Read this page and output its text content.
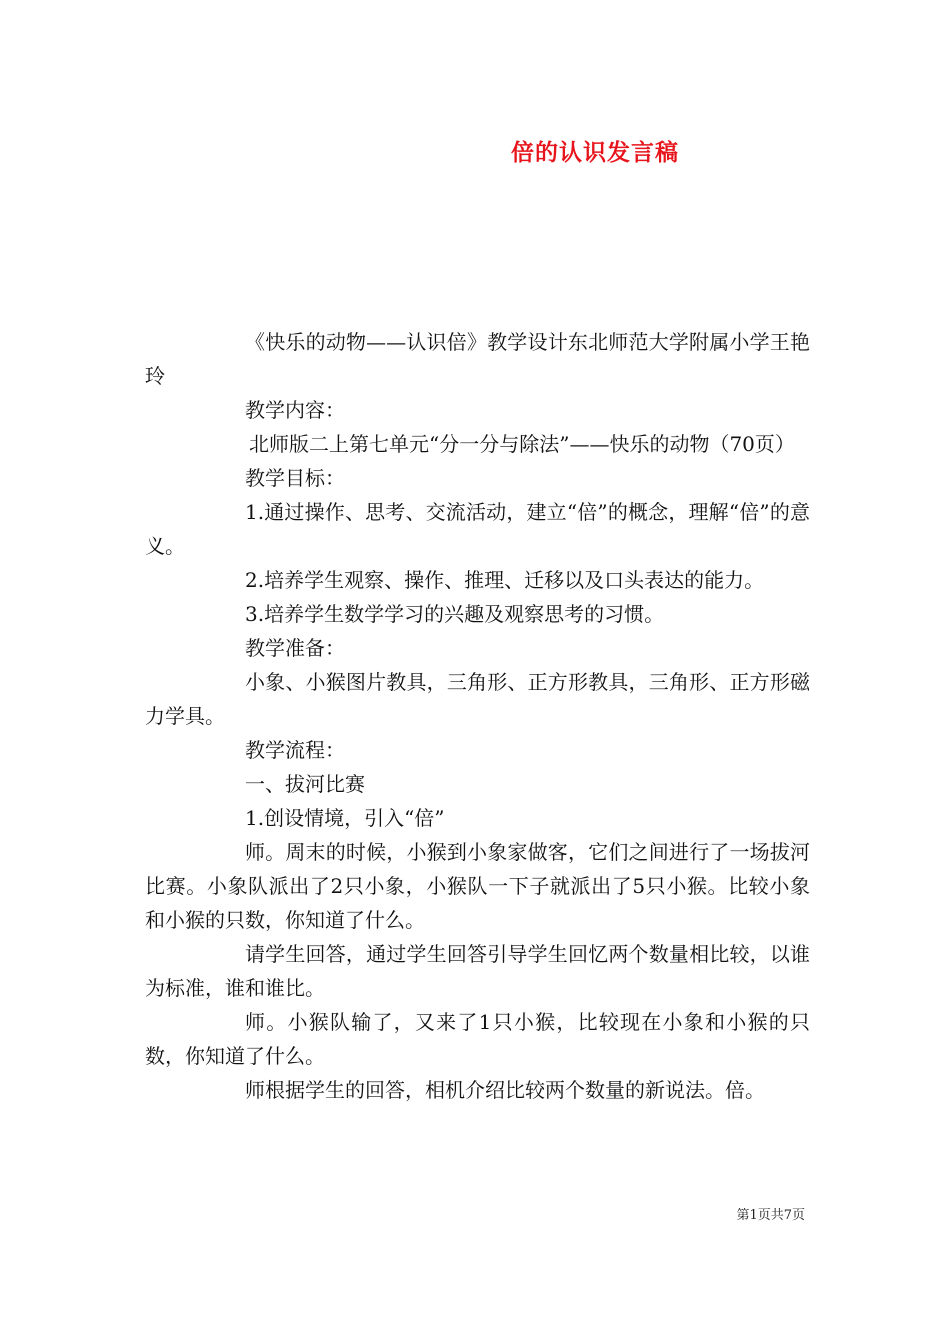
倍的认识发言稿

《快乐的动物——认识倍》教学设计东北师范大学附属小学王艳玲

教学内容：

北师版二上第七单元“分一分与除法”——快乐的动物（70页）

教学目标：

1.通过操作、思考、交流活动，建立“倍”的概念，理解“倍”的意义。

2.培养学生观察、操作、推理、迁移以及口头表达的能力。

3.培养学生数学学习的兴趣及观察思考的习惯。

教学准备：

小象、小猴图片教具，三角形、正方形教具，三角形、正方形磁力学具。

教学流程：

一、拔河比赛

1.创设情境，引入“倍”

师。周末的时候，小猴到小象家做客，它们之间进行了一场拔河比赛。小象队派出了2只小象，小猴队一下子就派出了5只小猴。比较小象和小猴的只数，你知道了什么。

请学生回答，通过学生回答引导学生回忆两个数量相比较，以谁为标准，谁和谁比。

师。小猴队输了，又来了1只小猴，比较现在小象和小猴的只数，你知道了什么。

师根据学生的回答，相机介绍比较两个数量的新说法。倍。

第1页共7页
